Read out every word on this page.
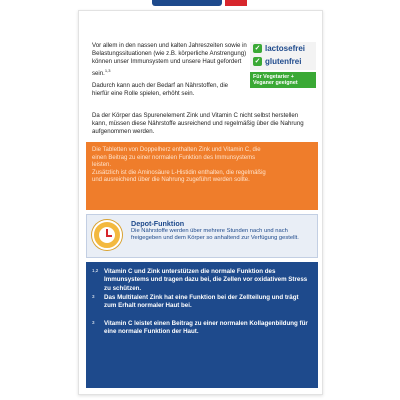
Vor allem in den nassen und kalten Jahreszeiten sowie in Belastungssituationen (wie z.B. körperliche Anstrengung) können unser Immunsystem und unsere Haut gefordert sein.$^{1,3}$

Dadurch kann auch der Bedarf an Nährstoffen, die hierfür eine Rolle spielen, erhöht sein.

✓ lactosefrei
✓ glutenfrei
Für Vegetarier + Veganer geeignet
Da der Körper das Spurenelement Zink und Vitamin C nicht selbst herstellen kann, müssen diese Nährstoffe ausreichend und regelmäßig über die Nahrung aufgenommen werden.

Die Tabletten von Doppelherz enthalten Zink und Vitamin C, die einen Beitrag zu einer normalen Funktion des Immunsystems leisten.

Zusätzlich ist die Aminosäure L-Histidin enthalten, die regelmäßig und ausreichend über die Nahrung zugeführt werden sollte.

Depot-Funktion
Die Nährstoffe werden über mehrere Stunden nach und nach freigegeben und dem Körper so anhaltend zur Verfügung gestellt.
1,2 Vitamin C und Zink unterstützen die normale Funktion des Immunsystems und tragen dazu bei, die Zellen vor oxidativem Stress zu schützen.
3	Das Multitalent Zink hat eine Funktion bei der Zellteilung und trägt zum Erhalt normaler Haut bei.
3	Vitamin C leistet einen Beitrag zu einer normalen Kollagenbildung für eine normale Funktion der Haut.
